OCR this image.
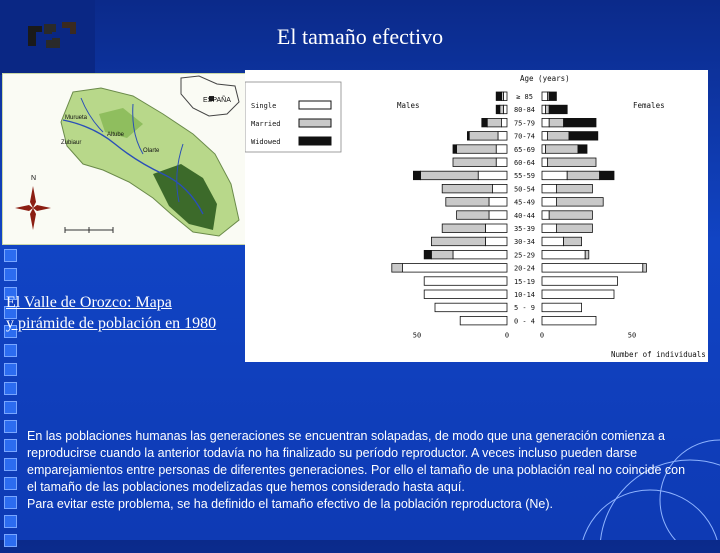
El tamaño efectivo
ESPAÑA
Murueta
Zubiaur
Altube
Olarte
N
El Valle de Orozco: Mapa
y pirámide de población en 1980
Age (years)
Males	Females
Single
Married
Widowed
≥ 85
80-84
75-79
70-74
65-69
60-64
55-59
50-54
45-49
40-44
35-39
30-34
25-29
20-24
15-19
10-14
5 - 9
0 - 4
50	0	0	50
Number of individuals

En las poblaciones humanas las generaciones se encuentran solapadas, de modo que una generación comienza a reproducirse cuando la anterior todavía no ha finalizado su período reproductor. A veces incluso pueden darse emparejamientos entre personas de diferentes generaciones. Por ello el tamaño de una población real no coincide con el tamaño de las poblaciones modelizadas que hemos considerado hasta aquí.

Para evitar este problema, se ha definido el tamaño efectivo de la población reproductora (Ne).
